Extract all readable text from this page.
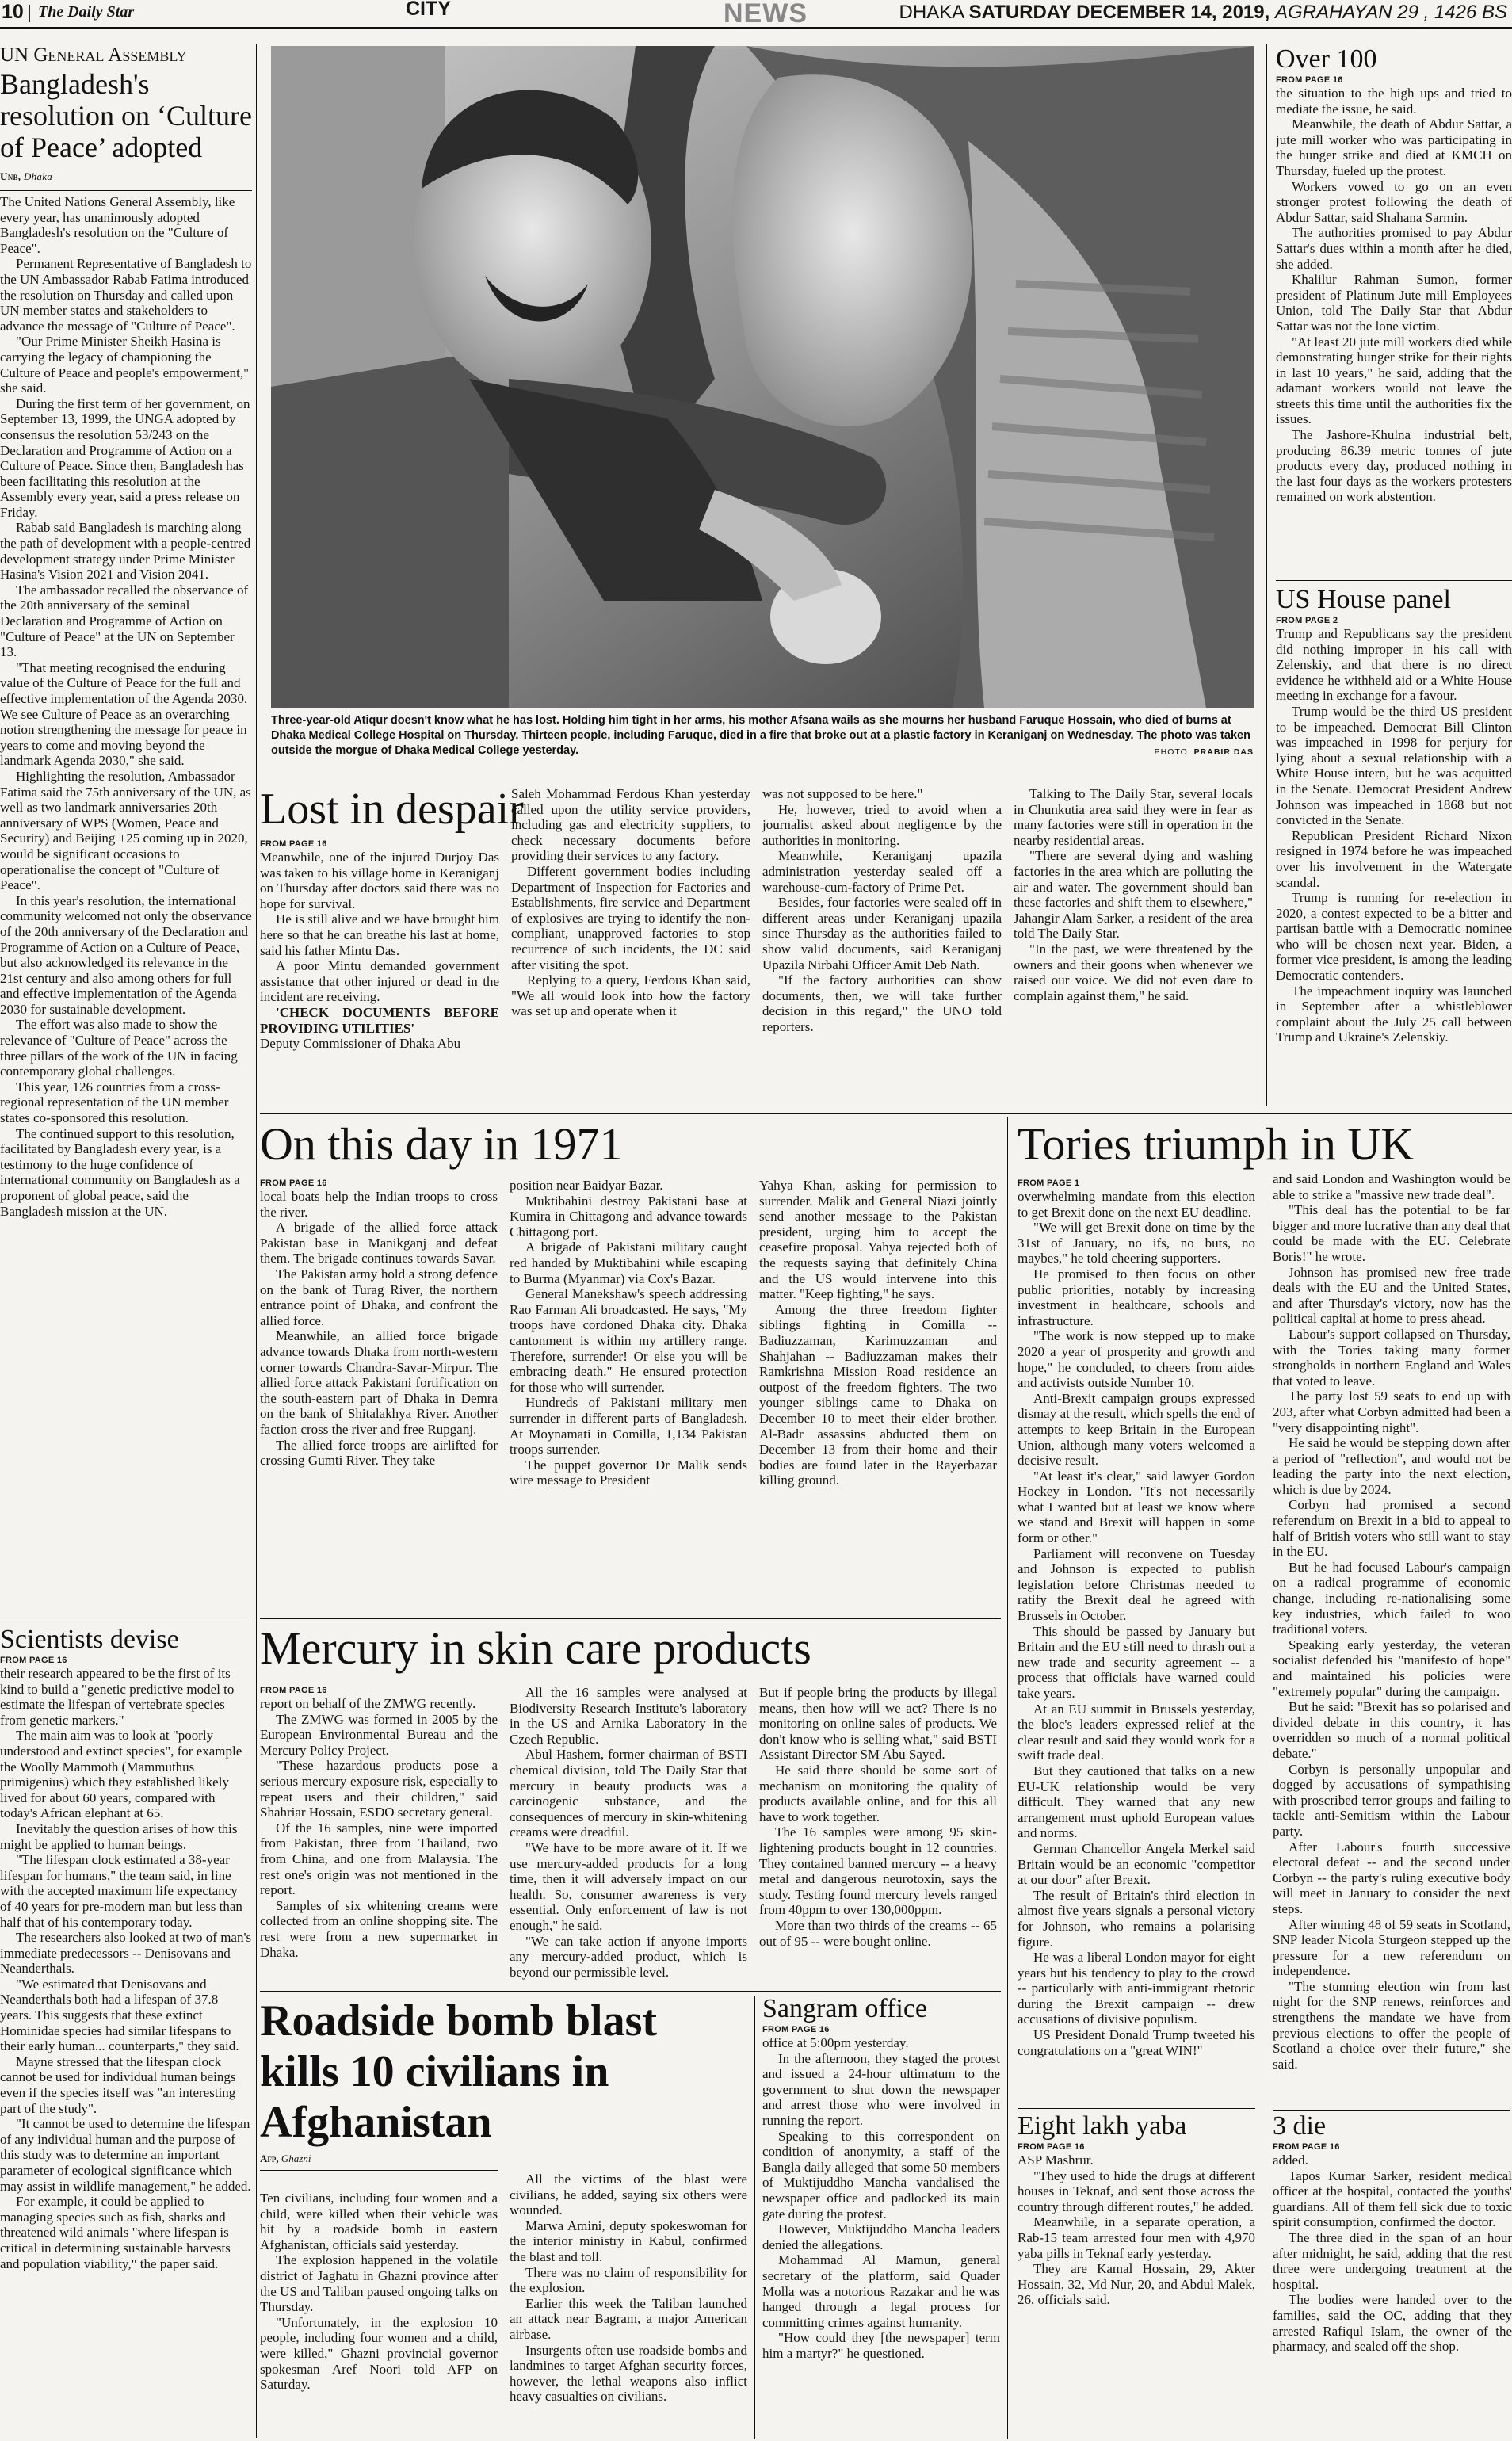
10 | The Daily Star	CITY	NEWS	DHAKA SATURDAY DECEMBER 14, 2019, AGRAHAYAN 29 , 1426 BS
UN General Assembly
Bangladesh's resolution on ‘Culture of Peace’ adopted
Unb, Dhaka

The United Nations General Assembly, like every year, has unanimously adopted Bangladesh's resolution on the "Culture of Peace".

Permanent Representative of Bangladesh to the UN Ambassador Rabab Fatima introduced the resolution on Thursday and called upon UN member states and stakeholders to advance the message of "Culture of Peace".

"Our Prime Minister Sheikh Hasina is carrying the legacy of championing the Culture of Peace and people's empowerment," she said.

During the first term of her government, on September 13, 1999, the UNGA adopted by consensus the resolution 53/243 on the Declaration and Programme of Action on a Culture of Peace. Since then, Bangladesh has been facilitating this resolution at the Assembly every year, said a press release on Friday.

Rabab said Bangladesh is marching along the path of development with a people-centred development strategy under Prime Minister Hasina's Vision 2021 and Vision 2041.

The ambassador recalled the observance of the 20th anniversary of the seminal Declaration and Programme of Action on "Culture of Peace" at the UN on September 13.

"That meeting recognised the enduring value of the Culture of Peace for the full and effective implementation of the Agenda 2030. We see Culture of Peace as an overarching notion strengthening the message for peace in years to come and moving beyond the landmark Agenda 2030," she said.

Highlighting the resolution, Ambassador Fatima said the 75th anniversary of the UN, as well as two landmark anniversaries 20th anniversary of WPS (Women, Peace and Security) and Beijing +25 coming up in 2020, would be significant occasions to operationalise the concept of "Culture of Peace".

In this year's resolution, the international community welcomed not only the observance of the 20th anniversary of the Declaration and Programme of Action on a Culture of Peace, but also acknowledged its relevance in the 21st century and also among others for full and effective implementation of the Agenda 2030 for sustainable development.

The effort was also made to show the relevance of "Culture of Peace" across the three pillars of the work of the UN in facing contemporary global challenges.

This year, 126 countries from a cross-regional representation of the UN member states co-sponsored this resolution.

The continued support to this resolution, facilitated by Bangladesh every year, is a testimony to the huge confidence of international community on Bangladesh as a proponent of global peace, said the Bangladesh mission at the UN.

Scientists devise
FROM PAGE 16

their research appeared to be the first of its kind to build a "genetic predictive model to estimate the lifespan of vertebrate species from genetic markers."

The main aim was to look at "poorly understood and extinct species", for example the Woolly Mammoth (Mammuthus primigenius) which they established likely lived for about 60 years, compared with today's African elephant at 65.

Inevitably the question arises of how this might be applied to human beings.

"The lifespan clock estimated a 38-year lifespan for humans," the team said, in line with the accepted maximum life expectancy of 40 years for pre-modern man but less than half that of his contemporary today.

The researchers also looked at two of man's immediate predecessors -- Denisovans and Neanderthals.

"We estimated that Denisovans and Neanderthals both had a lifespan of 37.8 years. This suggests that these extinct Hominidae species had similar lifespans to their early human... counterparts," they said.

Mayne stressed that the lifespan clock cannot be used for individual human beings even if the species itself was "an interesting part of the study".

"It cannot be used to determine the lifespan of any individual human and the purpose of this study was to determine an important parameter of ecological significance which may assist in wildlife management," he added.

For example, it could be applied to managing species such as fish, sharks and threatened wild animals "where lifespan is critical in determining sustainable harvests and population viability," the paper said.

Three-year-old Atiqur doesn't know what he has lost. Holding him tight in her arms, his mother Afsana wails as she mourns her husband Faruque Hossain, who died of burns at Dhaka Medical College Hospital on Thursday. Thirteen people, including Faruque, died in a fire that broke out at a plastic factory in Keraniganj on Wednesday. The photo was taken outside the morgue of Dhaka Medical College yesterday.	PHOTO: PRABIR DAS
Lost in despair
FROM PAGE 16

Meanwhile, one of the injured Durjoy Das was taken to his village home in Keraniganj on Thursday after doctors said there was no hope for survival.

He is still alive and we have brought him here so that he can breathe his last at home, said his father Mintu Das.

A poor Mintu demanded government assistance that other injured or dead in the incident are receiving.

'CHECK DOCUMENTS BEFORE PROVIDING UTILITIES'

Deputy Commissioner of Dhaka Abu

Saleh Mohammad Ferdous Khan yesterday called upon the utility service providers, including gas and electricity suppliers, to check necessary documents before providing their services to any factory.

Different government bodies including Department of Inspection for Factories and Establishments, fire service and Department of explosives are trying to identify the non-compliant, unapproved factories to stop recurrence of such incidents, the DC said after visiting the spot.

Replying to a query, Ferdous Khan said, "We all would look into how the factory was set up and operate when it

was not supposed to be here."

He, however, tried to avoid when a journalist asked about negligence by the authorities in monitoring.

Meanwhile, Keraniganj upazila administration yesterday sealed off a warehouse-cum-factory of Prime Pet.

Besides, four factories were sealed off in different areas under Keraniganj upazila since Thursday as the authorities failed to show valid documents, said Keraniganj Upazila Nirbahi Officer Amit Deb Nath.

"If the factory authorities can show documents, then, we will take further decision in this regard," the UNO told reporters.

Talking to The Daily Star, several locals in Chunkutia area said they were in fear as many factories were still in operation in the nearby residential areas.

"There are several dying and washing factories in the area which are polluting the air and water. The government should ban these factories and shift them to elsewhere," Jahangir Alam Sarker, a resident of the area told The Daily Star.

"In the past, we were threatened by the owners and their goons when whenever we raised our voice. We did not even dare to complain against them," he said.

Over 100
FROM PAGE 16

the situation to the high ups and tried to mediate the issue, he said.

Meanwhile, the death of Abdur Sattar, a jute mill worker who was participating in the hunger strike and died at KMCH on Thursday, fueled up the protest.

Workers vowed to go on an even stronger protest following the death of Abdur Sattar, said Shahana Sarmin.

The authorities promised to pay Abdur Sattar's dues within a month after he died, she added.

Khalilur Rahman Sumon, former president of Platinum Jute mill Employees Union, told The Daily Star that Abdur Sattar was not the lone victim.

"At least 20 jute mill workers died while demonstrating hunger strike for their rights in last 10 years," he said, adding that the adamant workers would not leave the streets this time until the authorities fix the issues.

The Jashore-Khulna industrial belt, producing 86.39 metric tonnes of jute products every day, produced nothing in the last four days as the workers protesters remained on work abstention.

US House panel
FROM PAGE 2

Trump and Republicans say the president did nothing improper in his call with Zelenskiy, and that there is no direct evidence he withheld aid or a White House meeting in exchange for a favour.

Trump would be the third US president to be impeached. Democrat Bill Clinton was impeached in 1998 for perjury for lying about a sexual relationship with a White House intern, but he was acquitted in the Senate. Democrat President Andrew Johnson was impeached in 1868 but not convicted in the Senate.

Republican President Richard Nixon resigned in 1974 before he was impeached over his involvement in the Watergate scandal.

Trump is running for re-election in 2020, a contest expected to be a bitter and partisan battle with a Democratic nominee who will be chosen next year. Biden, a former vice president, is among the leading Democratic contenders.

The impeachment inquiry was launched in September after a whistleblower complaint about the July 25 call between Trump and Ukraine's Zelenskiy.

On this day in 1971
FROM PAGE 16

local boats help the Indian troops to cross the river.

A brigade of the allied force attack Pakistan base in Manikganj and defeat them. The brigade continues towards Savar.

The Pakistan army hold a strong defence on the bank of Turag River, the northern entrance point of Dhaka, and confront the allied force.

Meanwhile, an allied force brigade advance towards Dhaka from north-western corner towards Chandra-Savar-Mirpur. The allied force attack Pakistani fortification on the south-eastern part of Dhaka in Demra on the bank of Shitalakhya River. Another faction cross the river and free Rupganj.

The allied force troops are airlifted for crossing Gumti River. They take

position near Baidyar Bazar.

Muktibahini destroy Pakistani base at Kumira in Chittagong and advance towards Chittagong port.

A brigade of Pakistani military caught red handed by Muktibahini while escaping to Burma (Myanmar) via Cox's Bazar.

General Manekshaw's speech addressing Rao Farman Ali broadcasted. He says, "My troops have cordoned Dhaka city. Dhaka cantonment is within my artillery range. Therefore, surrender! Or else you will be embracing death." He ensured protection for those who will surrender.

Hundreds of Pakistani military men surrender in different parts of Bangladesh. At Moynamati in Comilla, 1,134 Pakistan troops surrender.

The puppet governor Dr Malik sends wire message to President

Yahya Khan, asking for permission to surrender. Malik and General Niazi jointly send another message to the Pakistan president, urging him to accept the ceasefire proposal. Yahya rejected both of the requests saying that definitely China and the US would intervene into this matter. "Keep fighting," he says.

Among the three freedom fighter siblings fighting in Comilla -- Badiuzzaman, Karimuzzaman and Shahjahan -- Badiuzzaman makes their Ramkrishna Mission Road residence an outpost of the freedom fighters. The two younger siblings came to Dhaka on December 10 to meet their elder brother. Al-Badr assassins abducted them on December 13 from their home and their bodies are found later in the Rayerbazar killing ground.

Mercury in skin care products
FROM PAGE 16

report on behalf of the ZMWG recently.

The ZMWG was formed in 2005 by the European Environmental Bureau and the Mercury Policy Project.

"These hazardous products pose a serious mercury exposure risk, especially to repeat users and their children," said Shahriar Hossain, ESDO secretary general.

Of the 16 samples, nine were imported from Pakistan, three from Thailand, two from China, and one from Malaysia. The rest one's origin was not mentioned in the report.

Samples of six whitening creams were collected from an online shopping site. The rest were from a new supermarket in Dhaka.

All the 16 samples were analysed at Biodiversity Research Institute's laboratory in the US and Arnika Laboratory in the Czech Republic.

Abul Hashem, former chairman of BSTI chemical division, told The Daily Star that mercury in beauty products was a carcinogenic substance, and the consequences of mercury in skin-whitening creams were dreadful.

"We have to be more aware of it. If we use mercury-added products for a long time, then it will adversely impact on our health. So, consumer awareness is very essential. Only enforcement of law is not enough," he said.

"We can take action if anyone imports any mercury-added product, which is beyond our permissible level.

But if people bring the products by illegal means, then how will we act? There is no monitoring on online sales of products. We don't know who is selling what," said BSTI Assistant Director SM Abu Sayed.

He said there should be some sort of mechanism on monitoring the quality of products available online, and for this all have to work together.

The 16 samples were among 95 skin-lightening products bought in 12 countries. They contained banned mercury -- a heavy metal and dangerous neurotoxin, says the study. Testing found mercury levels ranged from 40ppm to over 130,000ppm.

More than two thirds of the creams -- 65 out of 95 -- were bought online.

Roadside bomb blast kills 10 civilians in Afghanistan
Afp, Ghazni

Ten civilians, including four women and a child, were killed when their vehicle was hit by a roadside bomb in eastern Afghanistan, officials said yesterday.

The explosion happened in the volatile district of Jaghatu in Ghazni province after the US and Taliban paused ongoing talks on Thursday.

"Unfortunately, in the explosion 10 people, including four women and a child, were killed," Ghazni provincial governor spokesman Aref Noori told AFP on Saturday.

All the victims of the blast were civilians, he added, saying six others were wounded.

Marwa Amini, deputy spokeswoman for the interior ministry in Kabul, confirmed the blast and toll.

There was no claim of responsibility for the explosion.

Earlier this week the Taliban launched an attack near Bagram, a major American airbase.

Insurgents often use roadside bombs and landmines to target Afghan security forces, however, the lethal weapons also inflict heavy casualties on civilians.

Sangram office
FROM PAGE 16

office at 5:00pm yesterday.

In the afternoon, they staged the protest and issued a 24-hour ultimatum to the government to shut down the newspaper and arrest those who were involved in running the report.

Speaking to this correspondent on condition of anonymity, a staff of the Bangla daily alleged that some 50 members of Muktijuddho Mancha vandalised the newspaper office and padlocked its main gate during the protest.

However, Muktijuddho Mancha leaders denied the allegations.

Mohammad Al Mamun, general secretary of the platform, said Quader Molla was a notorious Razakar and he was hanged through a legal process for committing crimes against humanity.

"How could they [the newspaper] term him a martyr?" he questioned.

Tories triumph in UK
FROM PAGE 1

overwhelming mandate from this election to get Brexit done on the next EU deadline.

"We will get Brexit done on time by the 31st of January, no ifs, no buts, no maybes," he told cheering supporters.

He promised to then focus on other public priorities, notably by increasing investment in healthcare, schools and infrastructure.

"The work is now stepped up to make 2020 a year of prosperity and growth and hope," he concluded, to cheers from aides and activists outside Number 10.

Anti-Brexit campaign groups expressed dismay at the result, which spells the end of attempts to keep Britain in the European Union, although many voters welcomed a decisive result.

"At least it's clear," said lawyer Gordon Hockey in London. "It's not necessarily what I wanted but at least we know where we stand and Brexit will happen in some form or other."

Parliament will reconvene on Tuesday and Johnson is expected to publish legislation before Christmas needed to ratify the Brexit deal he agreed with Brussels in October.

This should be passed by January but Britain and the EU still need to thrash out a new trade and security agreement -- a process that officials have warned could take years.

At an EU summit in Brussels yesterday, the bloc's leaders expressed relief at the clear result and said they would work for a swift trade deal.

But they cautioned that talks on a new EU-UK relationship would be very difficult. They warned that any new arrangement must uphold European values and norms.

German Chancellor Angela Merkel said Britain would be an economic "competitor at our door" after Brexit.

The result of Britain's third election in almost five years signals a personal victory for Johnson, who remains a polarising figure.

He was a liberal London mayor for eight years but his tendency to play to the crowd -- particularly with anti-immigrant rhetoric during the Brexit campaign -- drew accusations of divisive populism.

US President Donald Trump tweeted his congratulations on a "great WIN!"

and said London and Washington would be able to strike a "massive new trade deal".

"This deal has the potential to be far bigger and more lucrative than any deal that could be made with the EU. Celebrate Boris!" he wrote.

Johnson has promised new free trade deals with the EU and the United States, and after Thursday's victory, now has the political capital at home to press ahead.

Labour's support collapsed on Thursday, with the Tories taking many former strongholds in northern England and Wales that voted to leave.

The party lost 59 seats to end up with 203, after what Corbyn admitted had been a "very disappointing night".

He said he would be stepping down after a period of "reflection", and would not be leading the party into the next election, which is due by 2024.

Corbyn had promised a second referendum on Brexit in a bid to appeal to half of British voters who still want to stay in the EU.

But he had focused Labour's campaign on a radical programme of economic change, including re-nationalising some key industries, which failed to woo traditional voters.

Speaking early yesterday, the veteran socialist defended his "manifesto of hope" and maintained his policies were "extremely popular" during the campaign.

But he said: "Brexit has so polarised and divided debate in this country, it has overridden so much of a normal political debate."

Corbyn is personally unpopular and dogged by accusations of sympathising with proscribed terror groups and failing to tackle anti-Semitism within the Labour party.

After Labour's fourth successive electoral defeat -- and the second under Corbyn -- the party's ruling executive body will meet in January to consider the next steps.

After winning 48 of 59 seats in Scotland, SNP leader Nicola Sturgeon stepped up the pressure for a new referendum on independence.

"The stunning election win from last night for the SNP renews, reinforces and strengthens the mandate we have from previous elections to offer the people of Scotland a choice over their future," she said.

Eight lakh yaba
FROM PAGE 16

ASP Mashrur.

"They used to hide the drugs at different houses in Teknaf, and sent those across the country through different routes," he added.

Meanwhile, in a separate operation, a Rab-15 team arrested four men with 4,970 yaba pills in Teknaf early yesterday.

They are Kamal Hossain, 29, Akter Hossain, 32, Md Nur, 20, and Abdul Malek, 26, officials said.

3 die
FROM PAGE 16

added.

Tapos Kumar Sarker, resident medical officer at the hospital, contacted the youths' guardians. All of them fell sick due to toxic spirit consumption, confirmed the doctor.

The three died in the span of an hour after midnight, he said, adding that the rest three were undergoing treatment at the hospital.

The bodies were handed over to the families, said the OC, adding that they arrested Rafiqul Islam, the owner of the pharmacy, and sealed off the shop.
